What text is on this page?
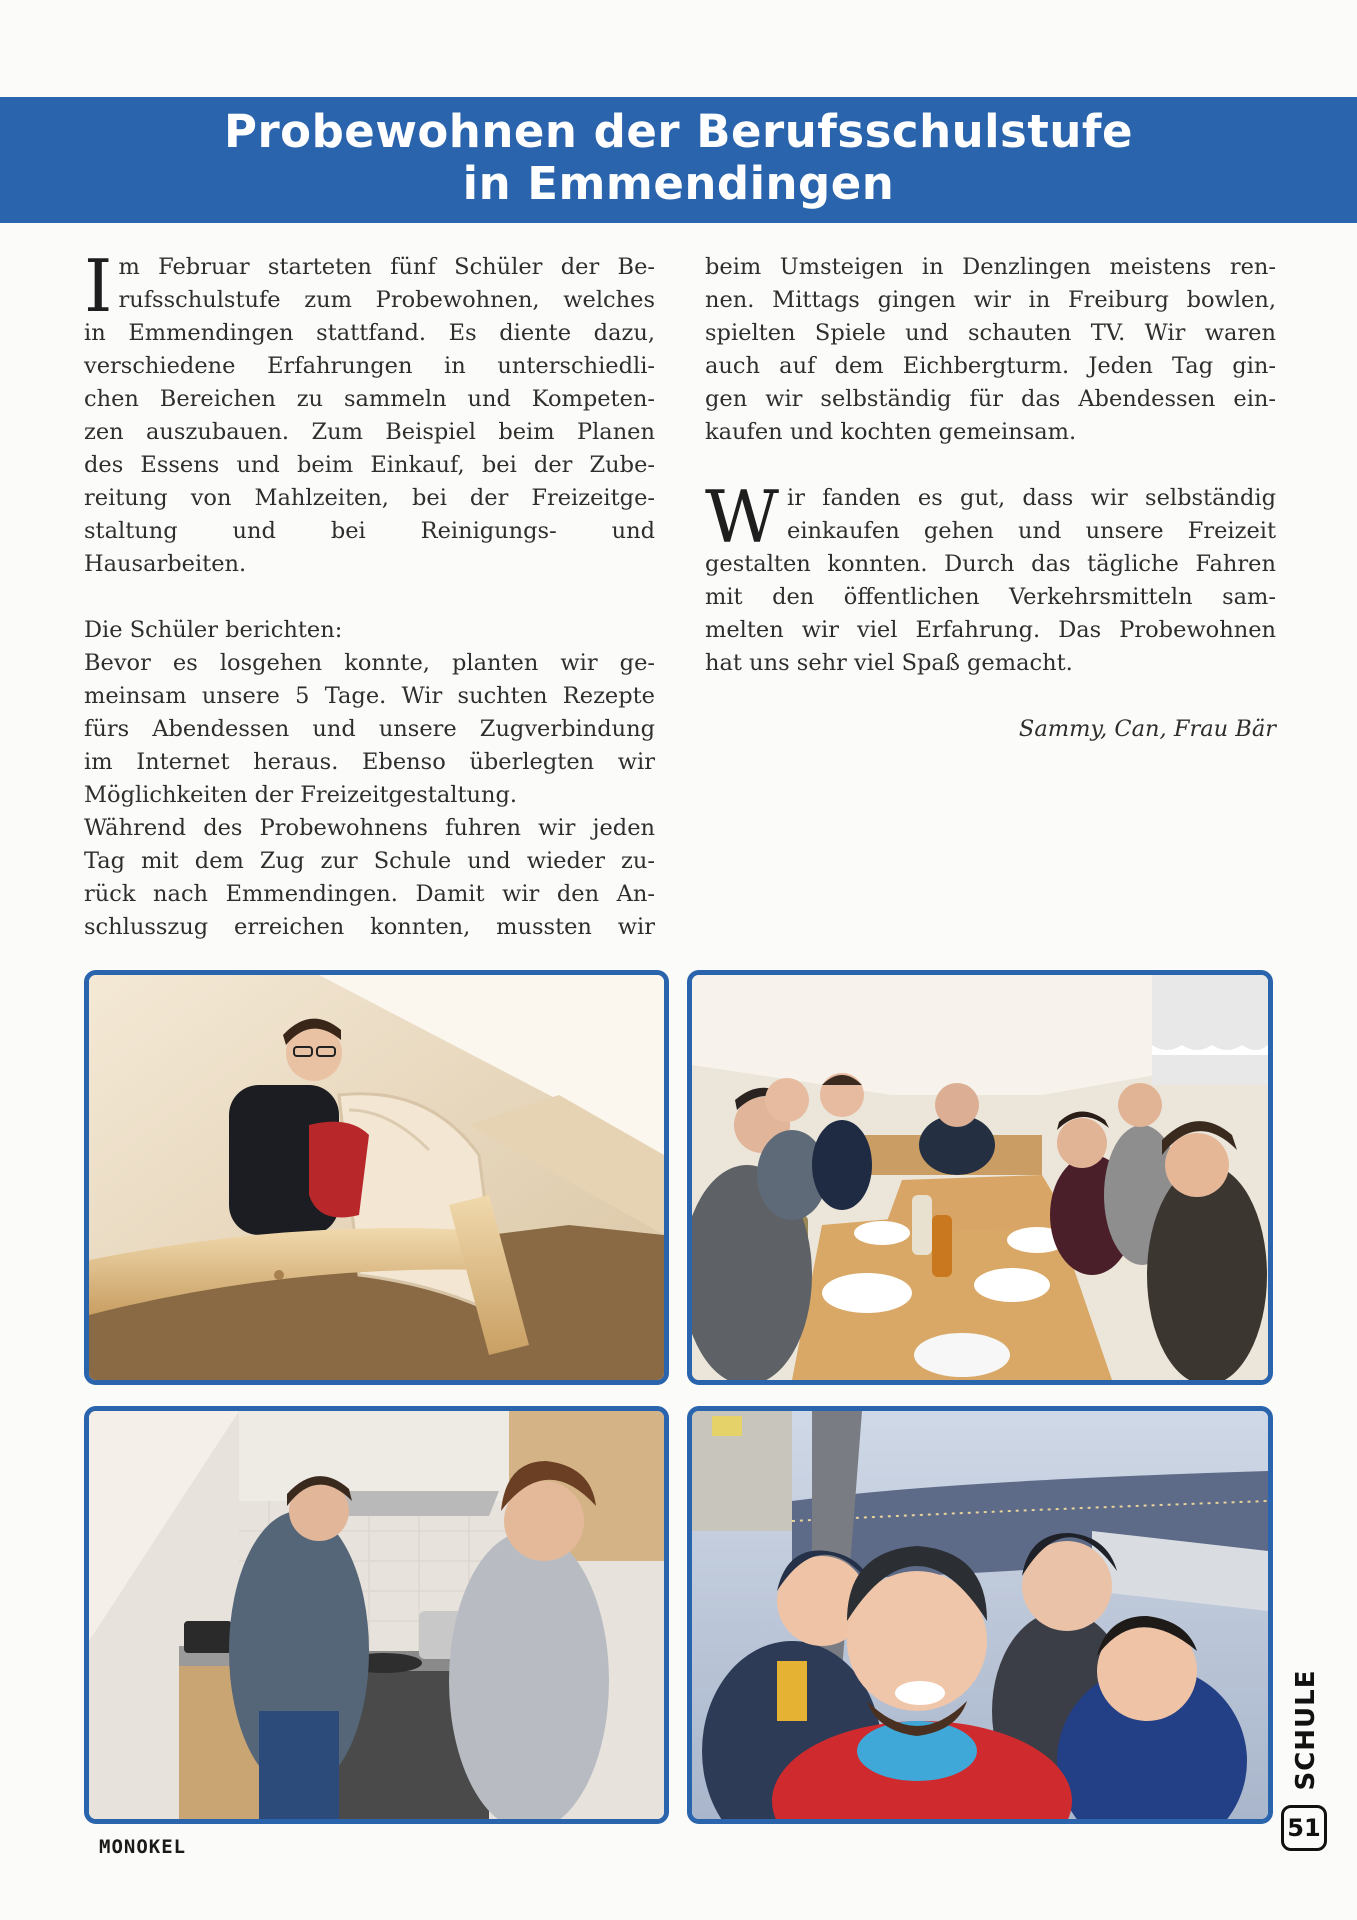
Probewohnen der Berufsschulstufe
in Emmendingen
I m Februar starteten fünf Schüler der Be-
rufsschulstufe zum Probewohnen, welches
in Emmendingen stattfand. Es diente dazu,
verschiedene Erfahrungen in unterschiedli-
chen Bereichen zu sammeln und Kompeten-
zen auszubauen. Zum Beispiel beim Planen
des Essens und beim Einkauf, bei der Zube-
reitung von Mahlzeiten, bei der Freizeitge-
staltung und bei Reinigungs- und
Hausarbeiten.
Die Schüler berichten:
Bevor es losgehen konnte, planten wir ge-
meinsam unsere 5 Tage. Wir suchten Rezepte
fürs Abendessen und unsere Zugverbindung
im Internet heraus. Ebenso überlegten wir
Möglichkeiten der Freizeitgestaltung.
Während des Probewohnens fuhren wir jeden
Tag mit dem Zug zur Schule und wieder zu-
rück nach Emmendingen. Damit wir den An-
schlusszug erreichen konnten, mussten wir
beim Umsteigen in Denzlingen meistens ren-
nen. Mittags gingen wir in Freiburg bowlen,
spielten Spiele und schauten TV. Wir waren
auch auf dem Eichbergturm. Jeden Tag gin-
gen wir selbständig für das Abendessen ein-
kaufen und kochten gemeinsam.
W ir fanden es gut, dass wir selbständig
einkaufen gehen und unsere Freizeit
gestalten konnten. Durch das tägliche Fahren
mit den öffentlichen Verkehrsmitteln sam-
melten wir viel Erfahrung. Das Probewohnen
hat uns sehr viel Spaß gemacht.
Sammy, Can, Frau Bär
MONOKEL
SCHULE
51
